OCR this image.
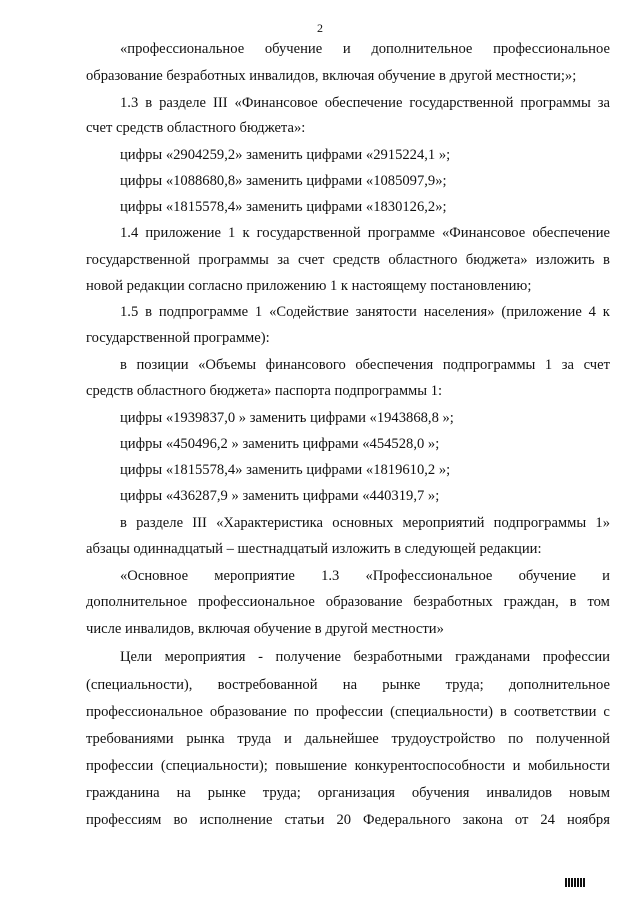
2
«профессиональное обучение и дополнительное профессиональное
образование безработных инвалидов, включая обучение в другой местности;»;
1.3 в разделе III «Финансовое обеспечение государственной программы за
счет средств областного бюджета»:
цифры «2904259,2» заменить цифрами «2915224,1 »;
цифры «1088680,8» заменить цифрами «1085097,9»;
цифры «1815578,4» заменить цифрами «1830126,2»;
1.4 приложение 1 к государственной программе «Финансовое обеспечение
государственной программы за счет средств областного бюджета» изложить в
новой редакции согласно приложению 1 к настоящему постановлению;
1.5 в подпрограмме 1 «Содействие занятости населения» (приложение 4 к
государственной программе):
в позиции «Объемы финансового обеспечения подпрограммы 1 за счет
средств областного бюджета» паспорта подпрограммы 1:
цифры «1939837,0 » заменить цифрами «1943868,8 »;
цифры «450496,2 » заменить цифрами «454528,0 »;
цифры «1815578,4» заменить цифрами «1819610,2 »;
цифры «436287,9 » заменить цифрами «440319,7 »;
в разделе III «Характеристика основных мероприятий подпрограммы 1»
абзацы одиннадцатый – шестнадцатый изложить в следующей редакции:
«Основное мероприятие 1.3 «Профессиональное обучение и
дополнительное профессиональное образование безработных граждан, в том
числе инвалидов, включая обучение в другой местности»
Цели мероприятия - получение безработными гражданами профессии
(специальности), востребованной на рынке труда; дополнительное
профессиональное образование по профессии (специальности) в соответствии с
требованиями рынка труда и дальнейшее трудоустройство по полученной
профессии (специальности); повышение конкурентоспособности и мобильности
гражданина на рынке труда; организация обучения инвалидов новым
профессиям во исполнение статьи 20 Федерального закона от 24 ноября
